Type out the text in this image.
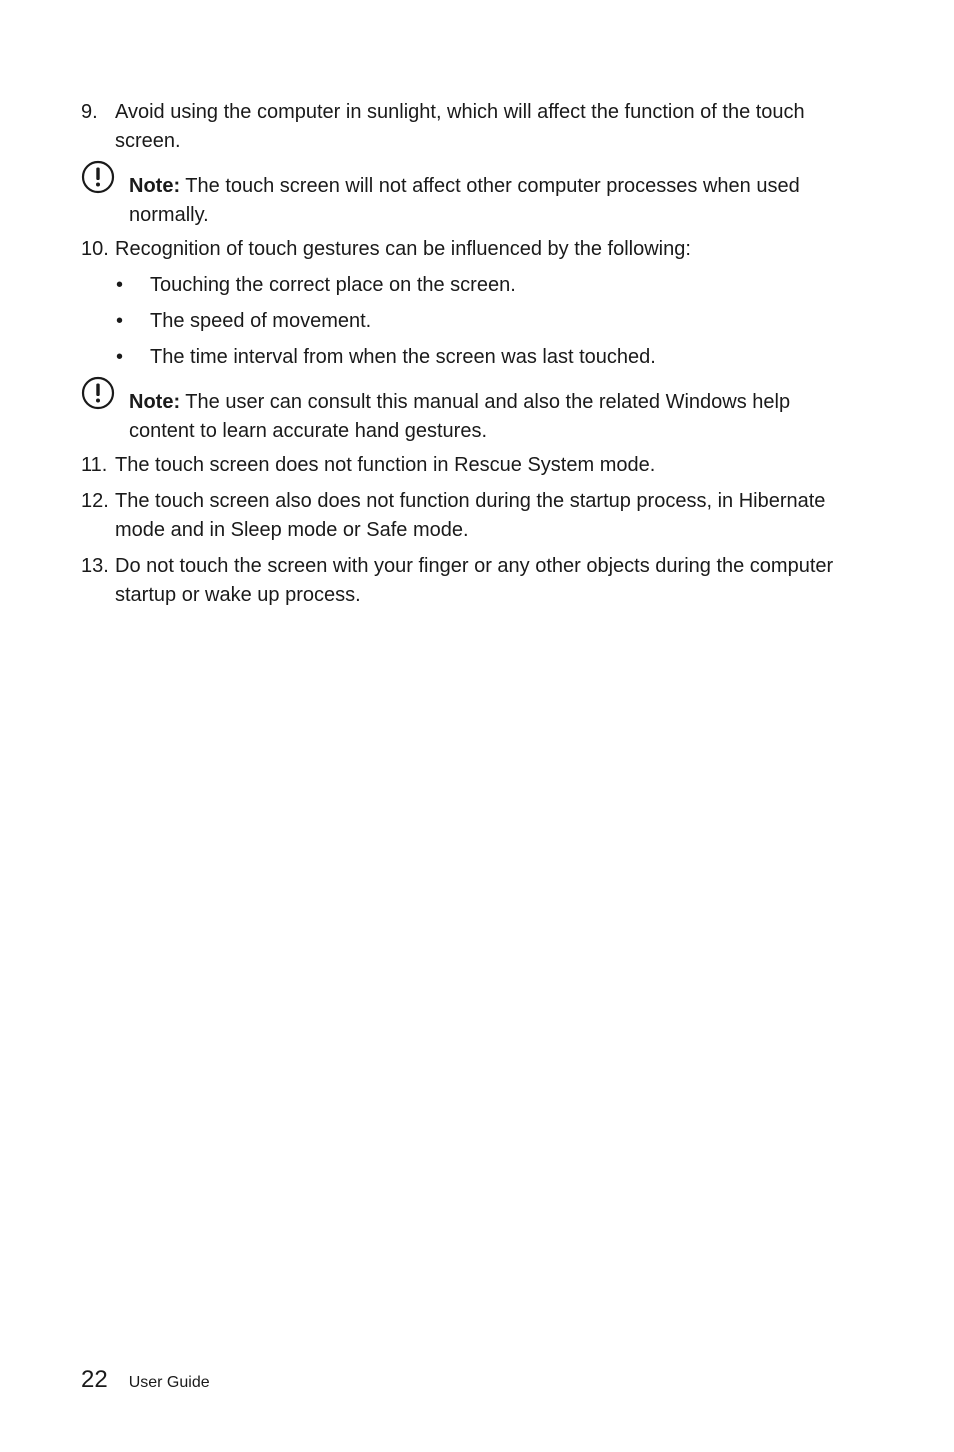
9. Avoid using the computer in sunlight, which will affect the function of the touch screen.
Note: The touch screen will not affect other computer processes when used normally.
10. Recognition of touch gestures can be influenced by the following:
•	Touching the correct place on the screen.
•	The speed of movement.
•	The time interval from when the screen was last touched.
Note: The user can consult this manual and also the related Windows help content to learn accurate hand gestures.
11. The touch screen does not function in Rescue System mode.
12. The touch screen also does not function during the startup process, in Hibernate mode and in Sleep mode or Safe mode.
13. Do not touch the screen with your finger or any other objects during the computer startup or wake up process.
22 User Guide
